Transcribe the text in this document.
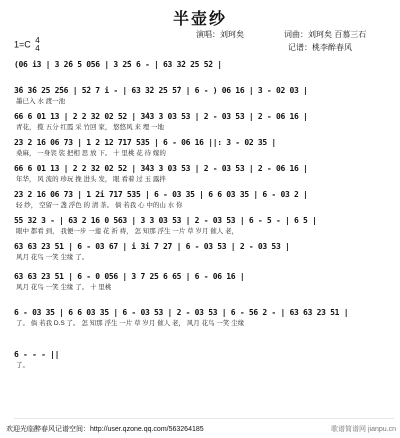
半壶纱
演唱：刘珂矣	词曲：刘珂矣 百慕三石
记谱：桃李醉春风
1=C 4
4
(06 i3 | 3 2̇6 5 056 | 3 2̇5 6 - | 63 3̇2 25 5̇2 |
3̇6 3̇6 25 2̇56 | 5̇2 7 i - | 63 3̇2 25 5̇7 | 6 - ) 06 16 | 3 - 02 03 |
墨已入 水 渡一池
66 6 01 13 | 2 2 32 02 52 | 3̇43 3 03 53 | 2 - 03 53 | 2 - 06 16 |
青花， 揽 五分 红霞 采 竹回 家， 悠悠风 来 埋 一地
23 2 16 06 73 | 1 2 12 717 535 | 6 - 06 16 ||: 3 - 02 35 |
桑麻， 一身袈 裟 把相 思 放 下。 十 里桃 花 待 嫁的
66 6 01 13 | 2 2 32 02 52 | 3̇43 3 03 53 | 2 - 03 53 | 2 - 06 16 |
年华， 风 流的 珍玩 挽 进头 发， 眼 看着 过 玉 露拌
23 2 16 06 73 | 1 2i 717 535 | 6 - 03 35 | 6 6 03 35 | 6 - 03 2 |
轻 纱， 空留一 盏 浮色 的 清 茶。 倘 若我 心 中的山 水 你
55 32 3 - | 63 2 16 0 563 | 3 3 03 53 | 2 - 03 53 | 6 - 5 - | 6 5 |
眼中 都看 到， 我便一步 一莲 花 祈 祷， 怎 知那 浮生 一片 草 岁月 催人 老，
63 63 23 51 | 6 - 03 67 | i 3i 7 27 | 6 - 03 53 | 2 - 03 53 |
风月 花鸟 一笑 尘缘 了。
63 63 23 51 | 6 - 0 056 | 3 7 25 6 65 | 6 - 06 16 |
风月 花鸟 一笑 尘缘 了。 十 里桃
6 - 03 35 | 6 6 03 35 | 6 - 03 53 | 2 - 03 53 | 6 - 56 2 - | 63 63 23 51 |
了。 倘 若我 D.S 了。 怎 知那 浮生 一片 草 岁月 催人 老， 风月 花鸟 一笑 尘缘
6 - - - ||
了。
欢迎光临醉春风记谱空间：http://user.qzone.qq.com/563264185	歌谱简谱网 jianpu.cn
